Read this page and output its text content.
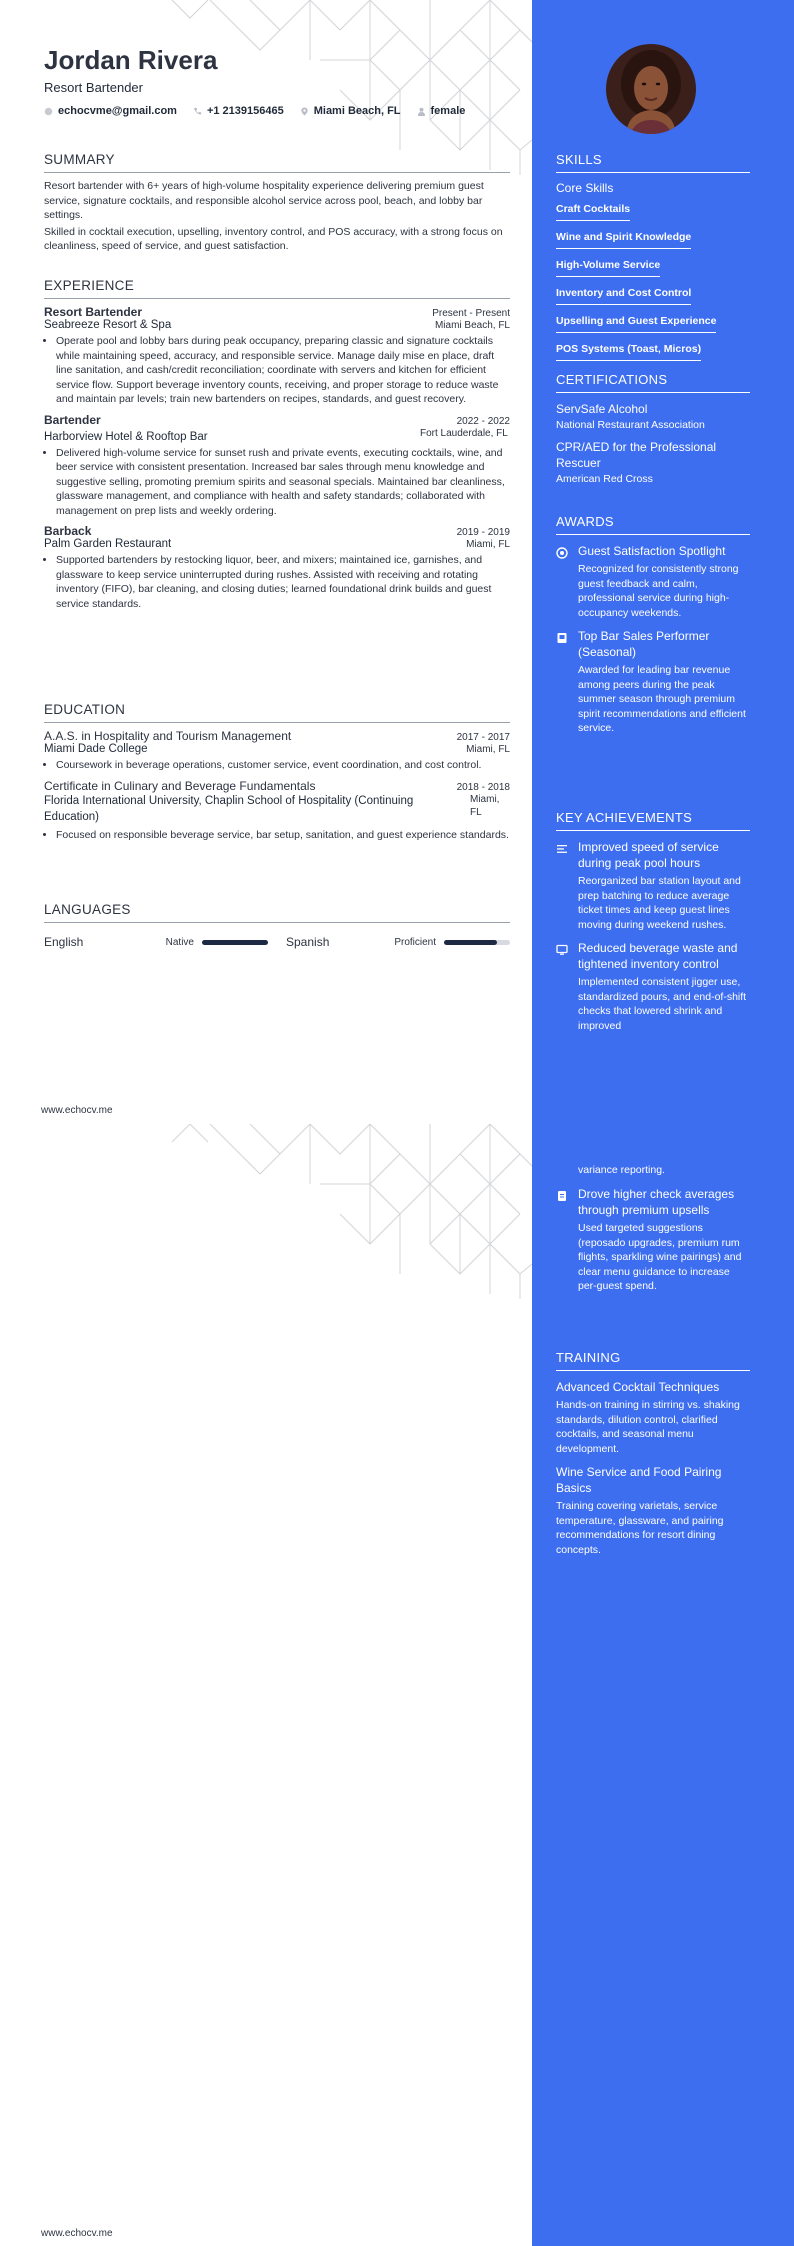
Jordan Rivera
Resort Bartender
echocvme@gmail.com	+1 2139156465	Miami Beach, FL	female
SUMMARY

Resort bartender with 6+ years of high-volume hospitality experience delivering premium guest service, signature cocktails, and responsible alcohol service across pool, beach, and lobby bar settings.

Skilled in cocktail execution, upselling, inventory control, and POS accuracy, with a strong focus on cleanliness, speed of service, and guest satisfaction.

EXPERIENCE
Resort Bartender	Present - Present
Seabreeze Resort & Spa	Miami Beach, FL
• Operate pool and lobby bars during peak occupancy, preparing classic and signature cocktails while maintaining speed, accuracy, and responsible service. Manage daily mise en place, draft line sanitation, and cash/credit reconciliation; coordinate with servers and kitchen for efficient service flow. Support beverage inventory counts, receiving, and proper storage to reduce waste and maintain par levels; train new bartenders on recipes, standards, and guest recovery.
Bartender	2022 - 2022
Harborview Hotel & Rooftop Bar	Fort Lauderdale, FL
• Delivered high-volume service for sunset rush and private events, executing cocktails, wine, and beer service with consistent presentation. Increased bar sales through menu knowledge and suggestive selling, promoting premium spirits and seasonal specials. Maintained bar cleanliness, glassware management, and compliance with health and safety standards; collaborated with management on prep lists and weekly ordering.
Barback	2019 - 2019
Palm Garden Restaurant	Miami, FL
• Supported bartenders by restocking liquor, beer, and mixers; maintained ice, garnishes, and glassware to keep service uninterrupted during rushes. Assisted with receiving and rotating inventory (FIFO), bar cleaning, and closing duties; learned foundational drink builds and guest service standards.
EDUCATION
A.A.S. in Hospitality and Tourism Management	2017 - 2017
Miami Dade College	Miami, FL
• Coursework in beverage operations, customer service, event coordination, and cost control.
Certificate in Culinary and Beverage Fundamentals	2018 - 2018
Florida International University, Chaplin School of Hospitality (Continuing Education)
Miami, FL
• Focused on responsible beverage service, bar setup, sanitation, and guest experience standards.
LANGUAGES
English	Native	Spanish	Proficient
www.echocv.me
www.echocv.me
SKILLS
Core Skills
Craft Cocktails
Wine and Spirit Knowledge
High-Volume Service
Inventory and Cost Control
Upselling and Guest Experience
POS Systems (Toast, Micros)
CERTIFICATIONS
ServSafe Alcohol
National Restaurant Association
CPR/AED for the Professional Rescuer
American Red Cross
AWARDS
Guest Satisfaction Spotlight
Recognized for consistently strong guest feedback and calm, professional service during high-occupancy weekends.
Top Bar Sales Performer (Seasonal)
Awarded for leading bar revenue among peers during the peak summer season through premium spirit recommendations and efficient service.
KEY ACHIEVEMENTS
Improved speed of service during peak pool hours
Reorganized bar station layout and prep batching to reduce average ticket times and keep guest lines moving during weekend rushes.
Reduced beverage waste and tightened inventory control
Implemented consistent jigger use, standardized pours, and end-of-shift checks that lowered shrink and improved
variance reporting.
Drove higher check averages through premium upsells
Used targeted suggestions (reposado upgrades, premium rum flights, sparkling wine pairings) and clear menu guidance to increase per-guest spend.
TRAINING
Advanced Cocktail Techniques
Hands-on training in stirring vs. shaking standards, dilution control, clarified cocktails, and seasonal menu development.
Wine Service and Food Pairing Basics
Training covering varietals, service temperature, glassware, and pairing recommendations for resort dining concepts.
